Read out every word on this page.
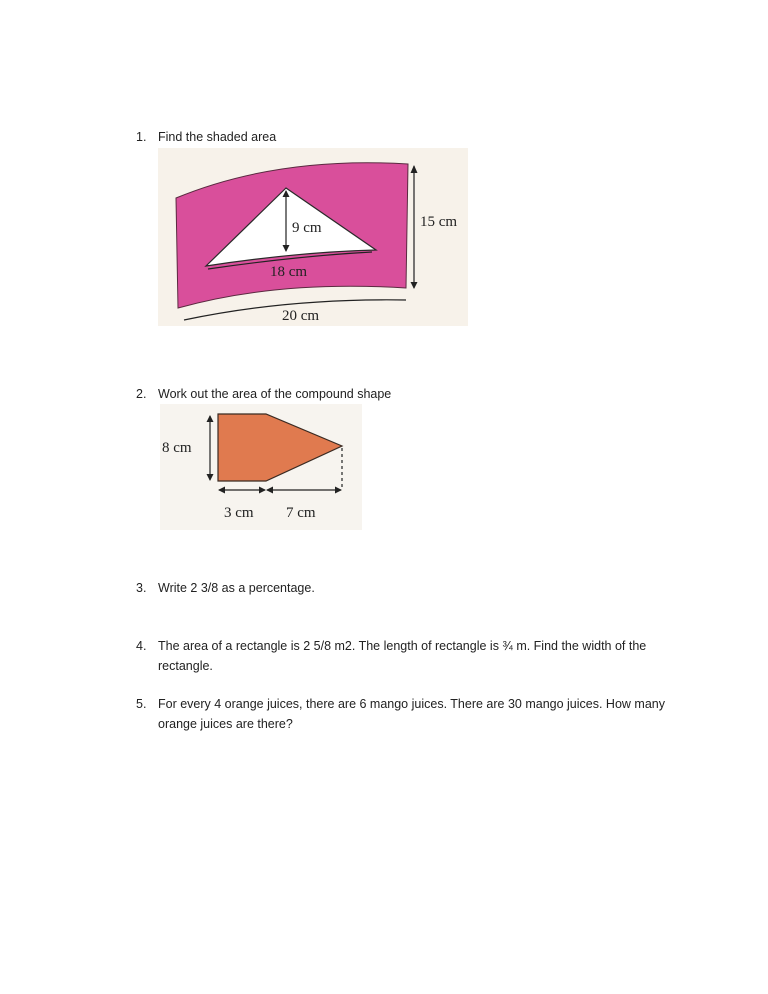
1. Find the shaded area
9 cm
18 cm
20 cm
15 cm
2. Work out the area of the compound shape
8 cm
3 cm 7 cm
3. Write 2 3/8 as a percentage.
4. The area of a rectangle is 2 5/8 m2. The length of rectangle is ¾ m. Find the width of the rectangle.
5. For every 4 orange juices, there are 6 mango juices. There are 30 mango juices. How many orange juices are there?
